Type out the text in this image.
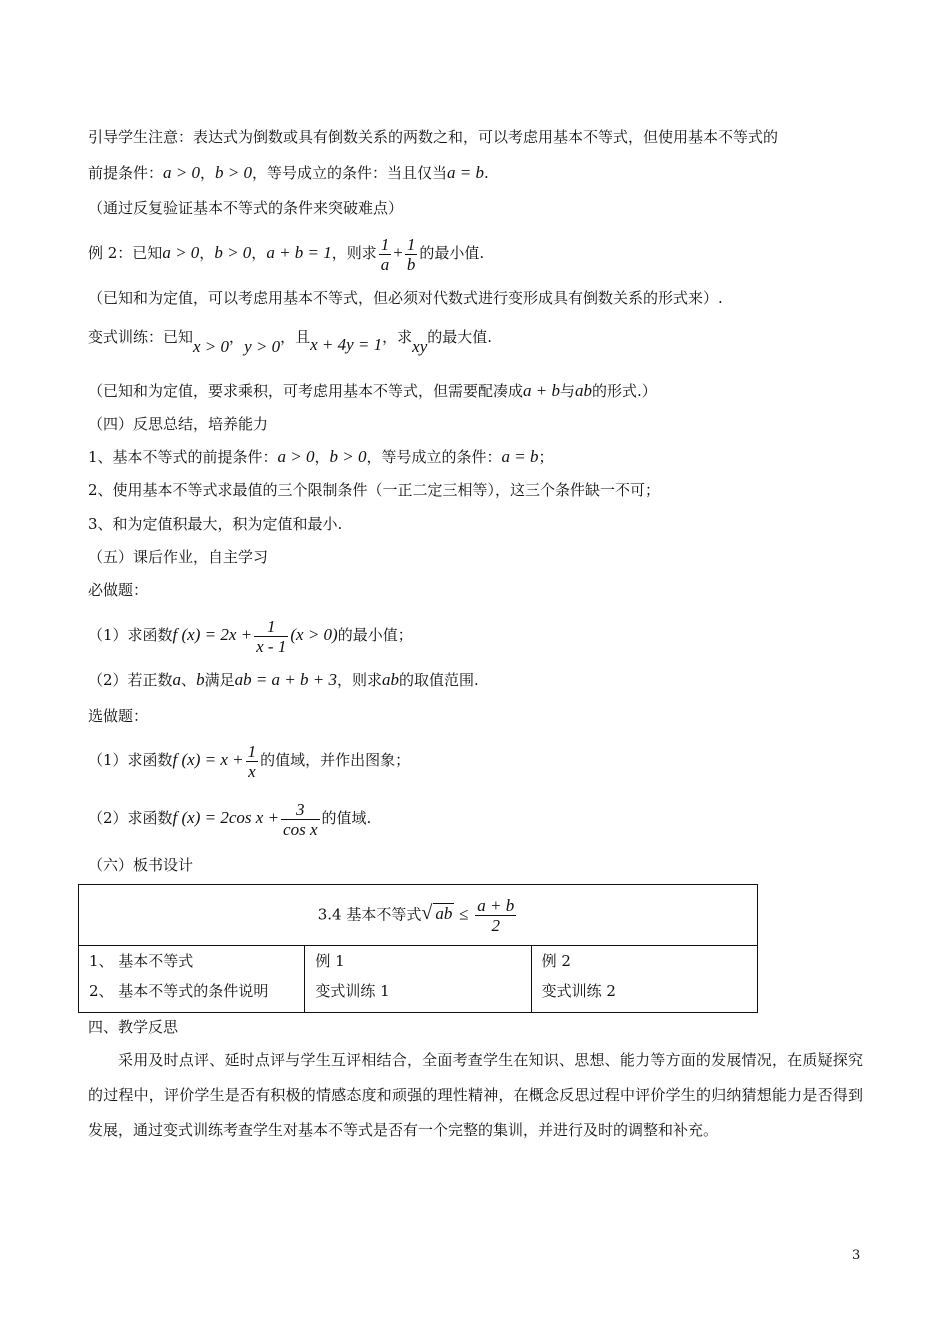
引导学生注意：表达式为倒数或具有倒数关系的两数之和，可以考虑用基本不等式，但使用基本不等式的
前提条件：a > 0，b > 0，等号成立的条件：当且仅当a = b.
（通过反复验证基本不等式的条件来突破难点）
例 2：已知a > 0，b > 0，a + b = 1，则求 $\frac{1}{a} + \frac{1}{b}$ 的最小值.
（已知和为定值，可以考虑用基本不等式，但必须对代数式进行变形成具有倒数关系的形式来）.
变式训练：已知x > 0，y > 0，且x + 4y = 1，求xy的最大值.
（已知和为定值，要求乘积，可考虑用基本不等式，但需要配凑成a + b与ab的形式.）
（四）反思总结，培养能力
1、基本不等式的前提条件：a > 0，b > 0，等号成立的条件：a = b；
2、使用基本不等式求最值的三个限制条件（一正二定三相等），这三个条件缺一不可；
3、和为定值积最大，积为定值和最小.
（五）课后作业，自主学习
必做题：
（1）求函数f $(x) = 2x + \frac{1}{x - 1} (x > 0)$的最小值；
（2）若正数a、b满足ab = a + b + 3，则求ab的取值范围.
选做题：
（1）求函数f $(x) = x + \frac{1}{x}$ 的值域，并作出图象；
（2）求函数f (x) = 2cos $x + \frac{3}{\text{cos x}}$ 的值域.
（六）板书设计
3.4 基本不等式√ ab ≤ $\frac{a + b}{2}$

1、 基本不等式
2、 基本不等式的条件说明

例 1
变式训练 1

例 2
变式训练 2
四、教学反思
采用及时点评、延时点评与学生互评相结合，全面考查学生在知识、思想、能力等方面的发展情况，在质疑探究的过程中，评价学生是否有积极的情感态度和顽强的理性精神，在概念反思过程中评价学生的归纳猜想能力是否得到发展，通过变式训练考查学生对基本不等式是否有一个完整的集训，并进行及时的调整和补充。
3
